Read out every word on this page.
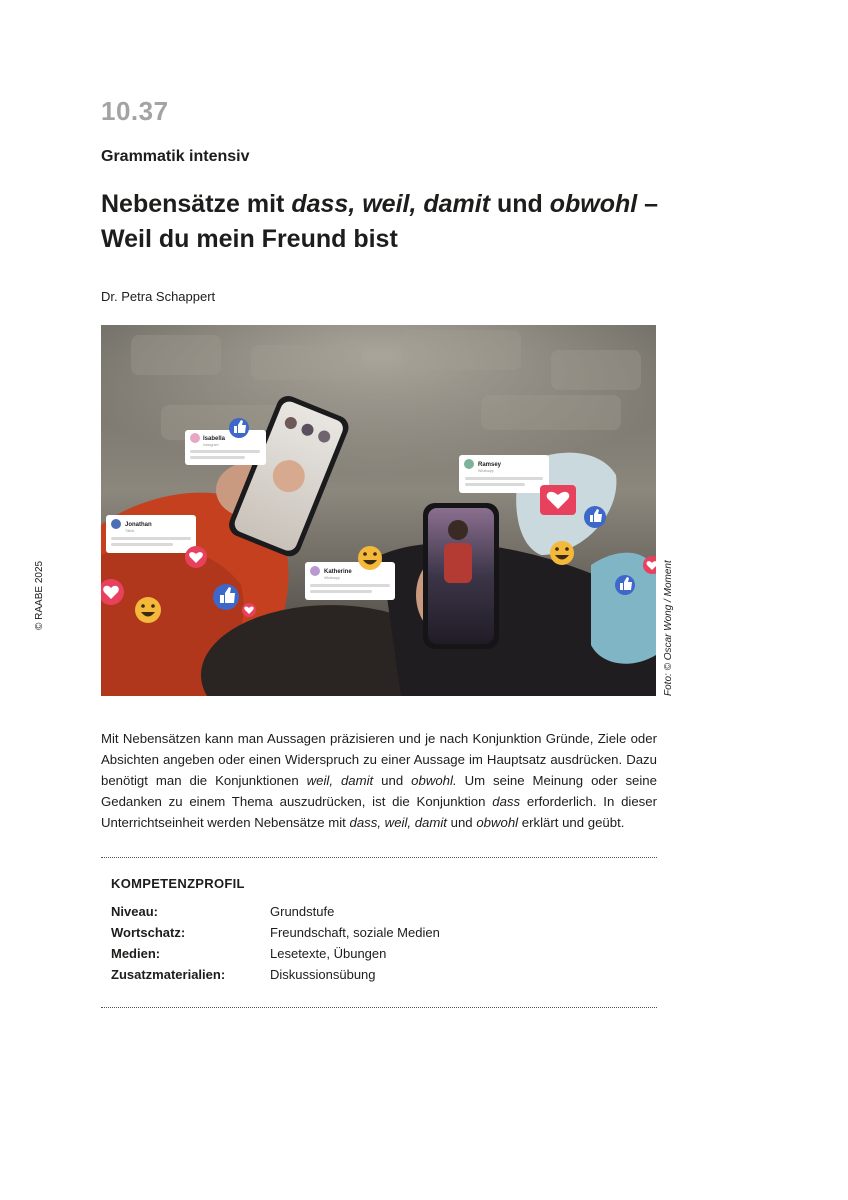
10.37
Grammatik intensiv
Nebensätze mit dass, weil, damit und obwohl –
Weil du mein Freund bist
Dr. Petra Schappert
© RAABE 2025	Foto: © Oscar Wong / Moment
Isabella
Instagram
Ramsey
Whatsapp
Jonathan
Tiktok
Katherine
Whatsapp
Mit Nebensätzen kann man Aussagen präzisieren und je nach Konjunktion Gründe, Ziele oder Absichten angeben oder einen Widerspruch zu einer Aussage im Hauptsatz ausdrücken. Dazu benötigt man die Konjunktionen weil, damit und obwohl. Um seine Meinung oder seine Gedanken zu einem Thema auszudrücken, ist die Konjunktion dass erforderlich. In dieser Unterrichtseinheit werden Nebensätze mit dass, weil, damit und obwohl erklärt und geübt.
KOMPETENZPROFIL
Niveau:	Grundstufe
Wortschatz:	Freundschaft, soziale Medien
Medien:	Lesetexte, Übungen
Zusatzmaterialien:	Diskussionsübung
